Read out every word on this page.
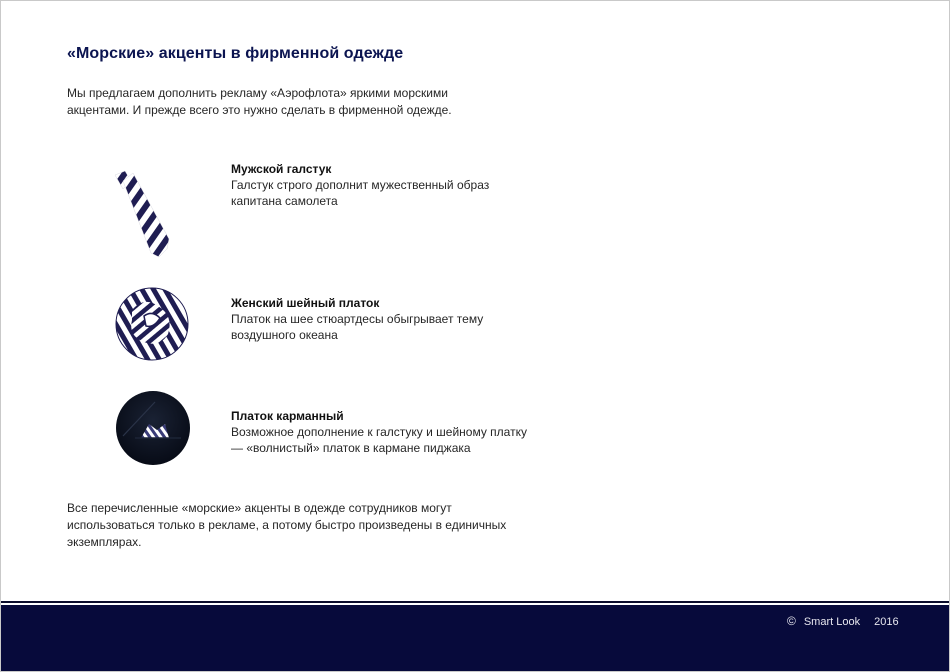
«Морские» акценты в фирменной одежде
Мы предлагаем дополнить рекламу «Аэрофлота» яркими морскими акцентами. И прежде всего это нужно сделать в фирменной одежде.
Мужской галстук
Галстук строго дополнит мужественный образ капитана самолета
Женский шейный платок
Платок на шее стюартдесы обыгрывает тему воздушного океана
Платок карманный
Возможное дополнение к галстуку и шейному платку — «волнистый» платок в кармане пиджака
Все перечисленные «морские» акценты в одежде сотрудников могут использоваться только в рекламе, а потому быстро произведены в единичных экземплярах.
© Smart Look 2016
